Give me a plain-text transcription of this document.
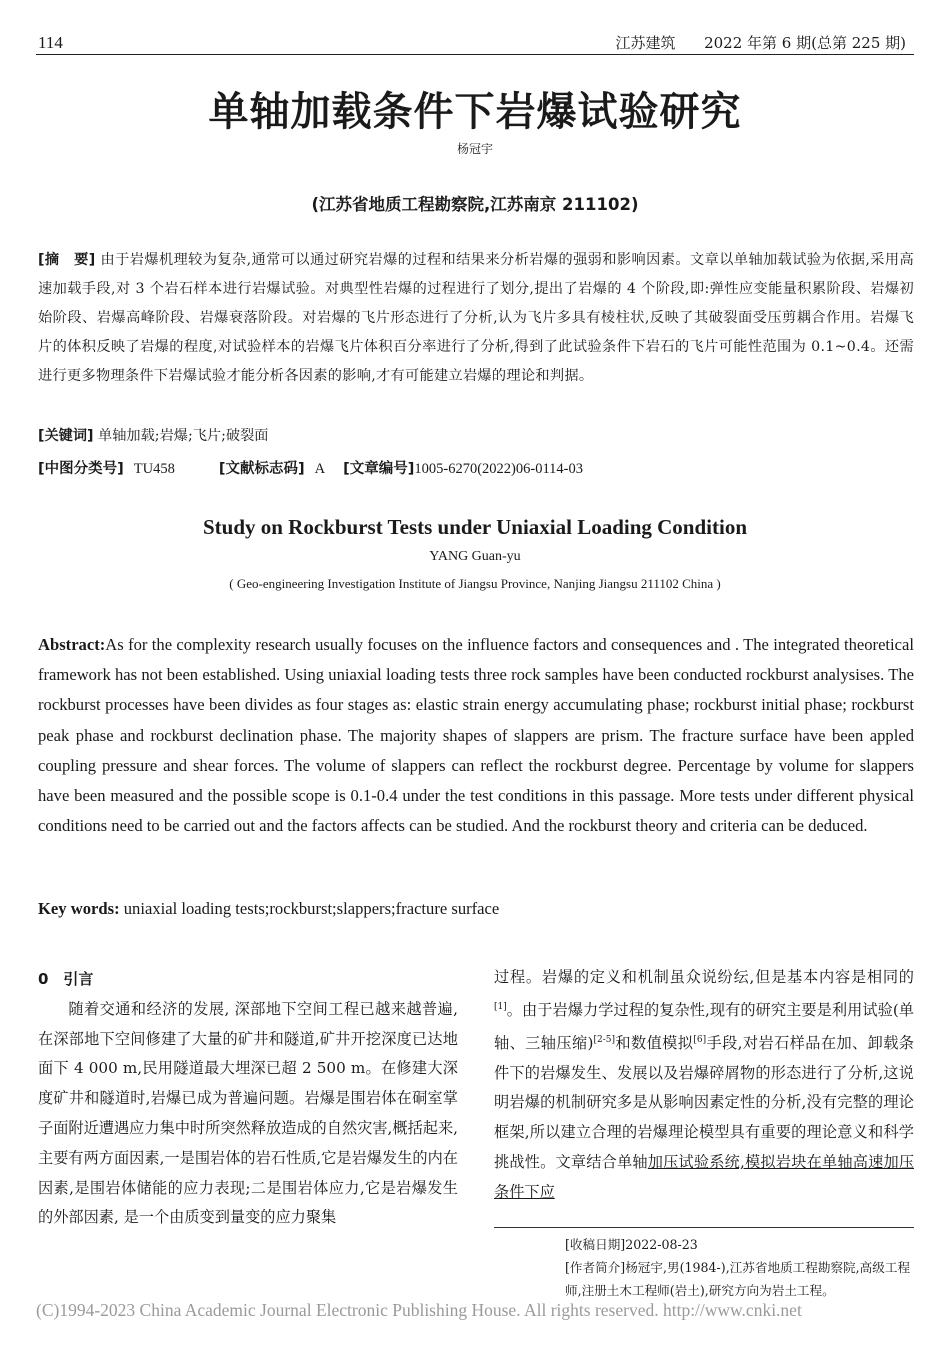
114	江苏建筑 2022 年第 6 期(总第 225 期)
单轴加载条件下岩爆试验研究
杨冠宇
(江苏省地质工程勘察院,江苏南京 211102)
[摘　要] 由于岩爆机理较为复杂,通常可以通过研究岩爆的过程和结果来分析岩爆的强弱和影响因素。文章以单轴加载试验为依据,采用高速加载手段,对 3 个岩石样本进行岩爆试验。对典型性岩爆的过程进行了划分,提出了岩爆的 4 个阶段,即:弹性应变能量积累阶段、岩爆初始阶段、岩爆高峰阶段、岩爆衰落阶段。对岩爆的飞片形态进行了分析,认为飞片多具有棱柱状,反映了其破裂面受压剪耦合作用。岩爆飞片的体积反映了岩爆的程度,对试验样本的岩爆飞片体积百分率进行了分析,得到了此试验条件下岩石的飞片可能性范围为 0.1~0.4。还需进行更多物理条件下岩爆试验才能分析各因素的影响,才有可能建立岩爆的理论和判据。
[关键词] 单轴加载;岩爆;飞片;破裂面
[中图分类号] TU458	[文献标志码] A [文章编号]1005-6270(2022)06-0114-03
Study on Rockburst Tests under Uniaxial Loading Condition
YANG Guan-yu
( Geo-engineering Investigation Institute of Jiangsu Province, Nanjing Jiangsu 211102 China )
Abstract:As for the complexity research usually focuses on the influence factors and consequences and . The integrated theoretical framework has not been established. Using uniaxial loading tests three rock samples have been conducted rockburst analysises. The rockburst processes have been divides as four stages as: elastic strain energy accumulating phase; rockburst initial phase; rockburst peak phase and rockburst declination phase. The majority shapes of slappers are prism. The fracture surface have been appled coupling pressure and shear forces. The volume of slappers can reflect the rockburst degree. Percentage by volume for slappers have been measured and the possible scope is 0.1-0.4 under the test conditions in this passage. More tests under different physical conditions need to be carried out and the factors affects can be studied. And the rockburst theory and criteria can be deduced.
Key words: uniaxial loading tests;rockburst;slappers;fracture surface
0　引言
随着交通和经济的发展, 深部地下空间工程已越来越普遍, 在深部地下空间修建了大量的矿井和隧道,矿井开挖深度已达地面下 4 000 m,民用隧道最大埋深已超 2 500 m。在修建大深度矿井和隧道时,岩爆已成为普遍问题。岩爆是围岩体在硐室掌子面附近遭遇应力集中时所突然释放造成的自然灾害,概括起来,主要有两方面因素,一是围岩体的岩石性质,它是岩爆发生的内在因素,是围岩体储能的应力表现;二是围岩体应力,它是岩爆发生的外部因素, 是一个由质变到量变的应力聚集
过程。岩爆的定义和机制虽众说纷纭,但是基本内容是相同的[1]。由于岩爆力学过程的复杂性,现有的研究主要是利用试验(单轴、三轴压缩)[2-5]和数值模拟[6]手段,对岩石样品在加、卸载条件下的岩爆发生、发展以及岩爆碎屑物的形态进行了分析,这说明岩爆的机制研究多是从影响因素定性的分析,没有完整的理论框架,所以建立合理的岩爆理论模型具有重要的理论意义和科学挑战性。文章结合单轴加压试验系统,模拟岩块在单轴高速加压条件下应
[收稿日期]2022-08-23
[作者简介]杨冠宇,男(1984-),江苏省地质工程勘察院,高级工程师,注册土木工程师(岩土),研究方向为岩土工程。
(C)1994-2023 China Academic Journal Electronic Publishing House. All rights reserved. http://www.cnki.net
